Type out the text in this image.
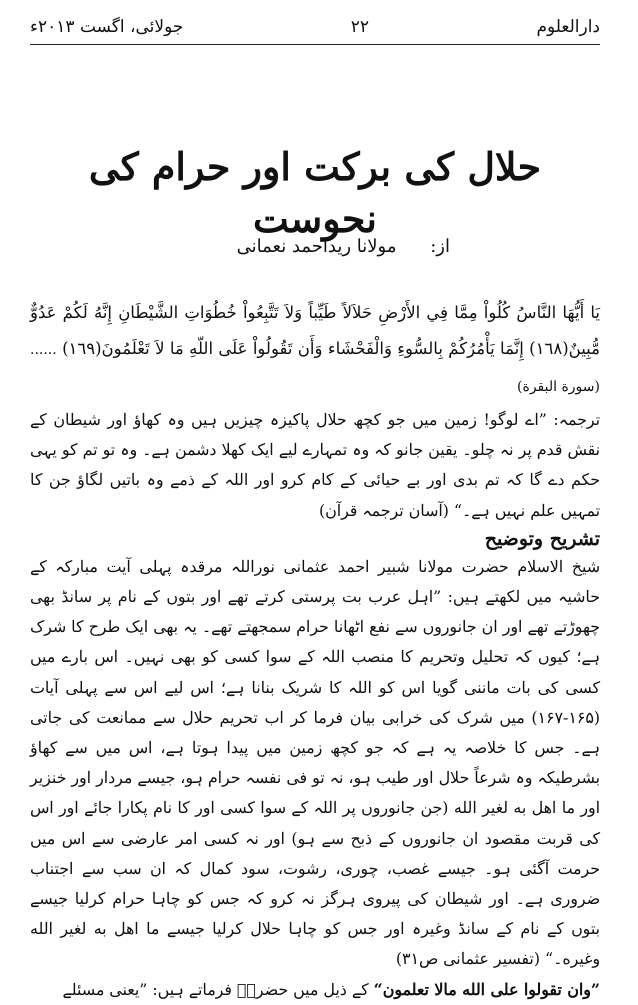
دارالعلوم
۲۲
جولائی، اگست ۲۰۱۳ء
حلال کی برکت اور حرام کی نحوست
از: مولانا ریداحمد نعمانی
يَا أَيُّهَا النَّاسُ كُلُواْ مِمَّا فِي الأَرْضِ حَلاَلاً طَيِّباً وَلاَ تَتَّبِعُواْ خُطُوَاتِ الشَّيْطَانِ إِنَّهُ لَكُمْ عَدُوٌّ مُّبِينٌ(١٦٨) إِنَّمَا يَأْمُرُكُمْ بِالسُّوءِ وَالْفَحْشَاء وَأَن تَقُولُواْ عَلَى اللّهِ مَا لاَ تَعْلَمُونَ(١٦٩) ......(سورة البقرة)
ترجمہ: ”اے لوگو! زمین میں جو کچھ حلال پاکیزہ چیزیں ہیں وہ کھاؤ اور شیطان کے نقش قدم پر نہ چلو۔ یقین جانو کہ وہ تمہارے لیے ایک کھلا دشمن ہے۔ وہ تو تم کو یہی حکم دے گا کہ تم بدی اور بے حیائی کے کام کرو اور اللہ کے ذمے وہ باتیں لگاؤ جن کا تمہیں علم نہیں ہے۔“ (آسان ترجمہ قرآن)
تشریح وتوضیح
شیخ الاسلام حضرت مولانا شبیر احمد عثمانی نوراللہ مرقدہ پہلی آیت مبارکہ کے حاشیہ میں لکھتے ہیں: ”اہل عرب بت پرستی کرتے تھے اور بتوں کے نام پر سانڈ بھی چھوڑتے تھے اور ان جانوروں سے نفع اٹھانا حرام سمجھتے تھے۔ یہ بھی ایک طرح کا شرک ہے؛ کیوں کہ تحلیل وتحریم کا منصب اللہ کے سوا کسی کو بھی نہیں۔ اس بارے میں کسی کی بات ماننی گویا اس کو اللہ کا شریک بنانا ہے؛ اس لیے اس سے پہلی آیات (۱۶۵-۱۶۷) میں شرک کی خرابی بیان فرما کر اب تحریم حلال سے ممانعت کی جاتی ہے۔ جس کا خلاصہ یہ ہے کہ جو کچھ زمین میں پیدا ہوتا ہے، اس میں سے کھاؤ بشرطیکہ وہ شرعاً حلال اور طیب ہو، نہ تو فی نفسہ حرام ہو، جیسے مردار اور خنزیر اور ما اهل به لغير الله (جن جانوروں پر اللہ کے سوا کسی اور کا نام پکارا جائے اور اس کی قربت مقصود ان جانوروں کے ذبح سے ہو) اور نہ کسی امر عارضی سے اس میں حرمت آگئی ہو۔ جیسے غصب، چوری، رشوت، سود کمال کہ ان سب سے اجتناب ضروری ہے۔ اور شیطان کی پیروی ہرگز نہ کرو کہ جس کو چاہا حرام کرلیا جیسے بتوں کے نام کے سانڈ وغیرہ اور جس کو چاہا حلال کرلیا جیسے ما اهل به لغير الله وغيره۔“ (تفسیر عثمانی ص۳۱)
”وان تقولوا على الله مالا تعلمون“ کے ذیل میں حضرتؒ فرماتے ہیں: ”یعنی مسئلے
